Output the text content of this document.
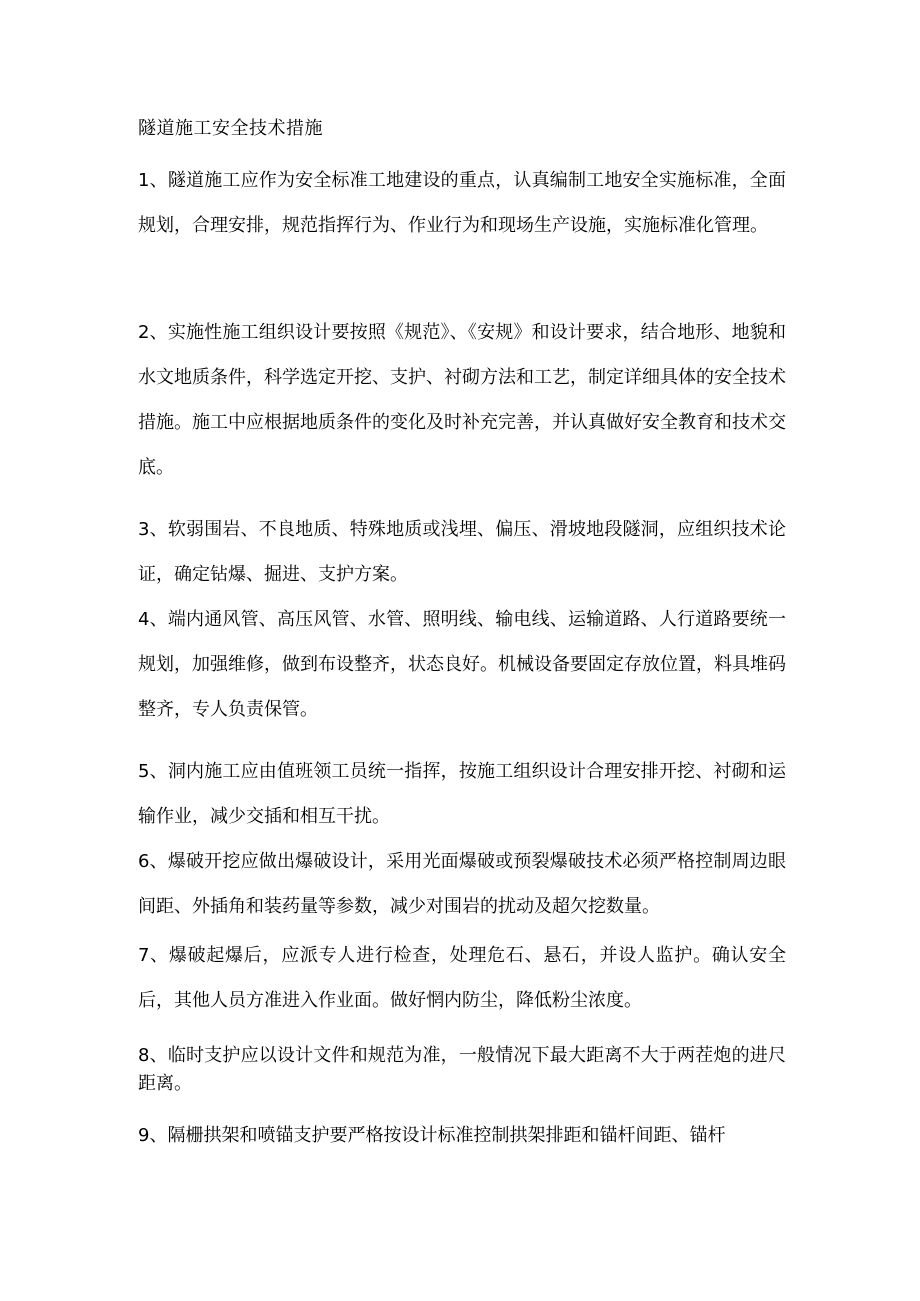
隧道施工安全技术措施
1、隧道施工应作为安全标准工地建设的重点，认真编制工地安全实施标准，全面规划，合理安排，规范指挥行为、作业行为和现场生产设施，实施标准化管理。
2、实施性施工组织设计要按照《规范》、《安规》和设计要求，结合地形、地貌和水文地质条件，科学选定开挖、支护、衬砌方法和工艺，制定详细具体的安全技术措施。施工中应根据地质条件的变化及时补充完善，并认真做好安全教育和技术交底。
3、软弱围岩、不良地质、特殊地质或浅埋、偏压、滑坡地段隧洞，应组织技术论证，确定钻爆、掘进、支护方案。
4、端内通风管、高压风管、水管、照明线、输电线、运输道路、人行道路要统一规划，加强维修，做到布设整齐，状态良好。机械设备要固定存放位置，料具堆码整齐，专人负责保管。
5、洞内施工应由值班领工员统一指挥，按施工组织设计合理安排开挖、衬砌和运输作业，减少交插和相互干扰。
6、爆破开挖应做出爆破设计，采用光面爆破或预裂爆破技术必须严格控制周边眼间距、外插角和装药量等参数，减少对围岩的扰动及超欠挖数量。
7、爆破起爆后，应派专人进行检查，处理危石、悬石，并设人监护。确认安全后，其他人员方准进入作业面。做好惘内防尘，降低粉尘浓度。
8、临时支护应以设计文件和规范为准，一般情况下最大距离不大于两茬炮的进尺距离。
9、隔栅拱架和喷锚支护要严格按设计标准控制拱架排距和锚杆间距、锚杆
